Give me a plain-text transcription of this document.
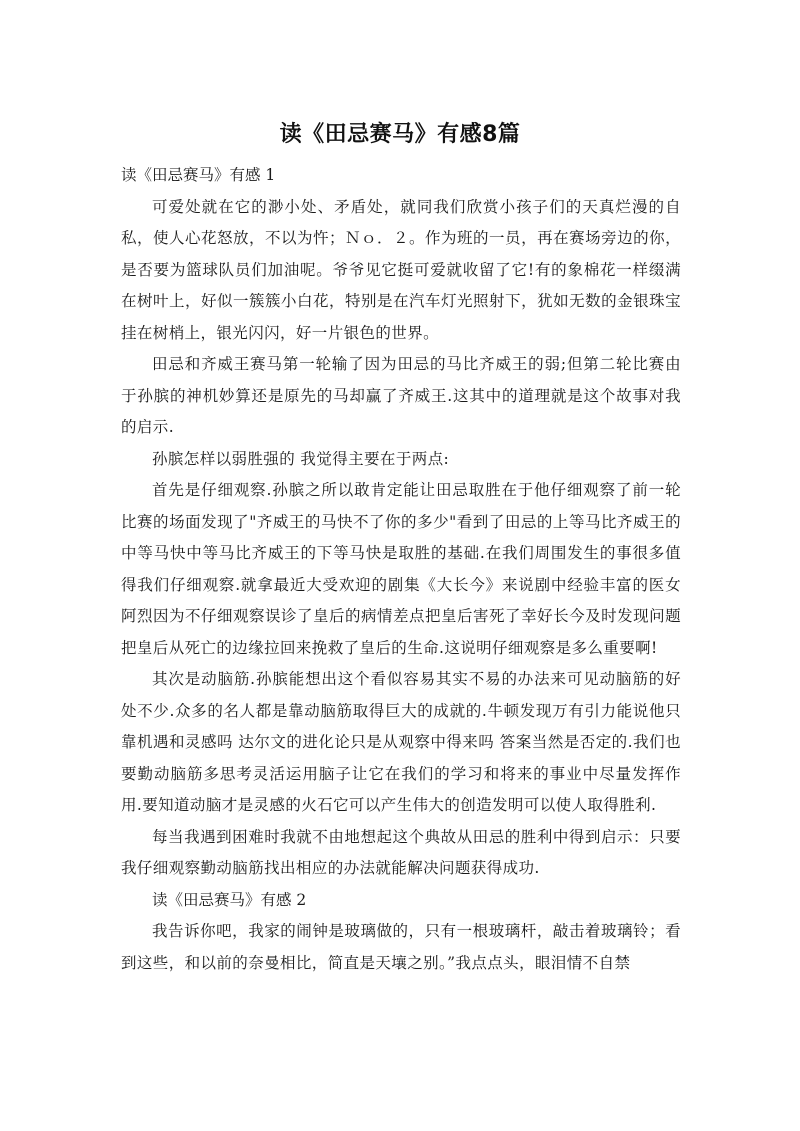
读《田忌赛马》有感8篇

读《田忌赛马》有感 1

可爱处就在它的渺小处、矛盾处，就同我们欣赏小孩子们的天真烂漫的自私，使人心花怒放，不以为忤；Ｎｏ．２。作为班的一员，再在赛场旁边的你，是否要为篮球队员们加油呢。爷爷见它挺可爱就收留了它!有的象棉花一样缀满在树叶上，好似一簇簇小白花，特别是在汽车灯光照射下，犹如无数的金银珠宝挂在树梢上，银光闪闪，好一片银色的世界。

田忌和齐威王赛马第一轮输了因为田忌的马比齐威王的弱;但第二轮比赛由于孙膑的神机妙算还是原先的马却赢了齐威王.这其中的道理就是这个故事对我的启示.

孙膑怎样以弱胜强的 我觉得主要在于两点:

首先是仔细观察.孙膑之所以敢肯定能让田忌取胜在于他仔细观察了前一轮比赛的场面发现了"齐威王的马快不了你的多少"看到了田忌的上等马比齐威王的中等马快中等马比齐威王的下等马快是取胜的基础.在我们周围发生的事很多值得我们仔细观察.就拿最近大受欢迎的剧集《大长今》来说剧中经验丰富的医女阿烈因为不仔细观察误诊了皇后的病情差点把皇后害死了幸好长今及时发现问题把皇后从死亡的边缘拉回来挽救了皇后的生命.这说明仔细观察是多么重要啊!

其次是动脑筋.孙膑能想出这个看似容易其实不易的办法来可见动脑筋的好处不少.众多的名人都是靠动脑筋取得巨大的成就的.牛顿发现万有引力能说他只靠机遇和灵感吗 达尔文的进化论只是从观察中得来吗 答案当然是否定的.我们也要勤动脑筋多思考灵活运用脑子让它在我们的学习和将来的事业中尽量发挥作用.要知道动脑才是灵感的火石它可以产生伟大的创造发明可以使人取得胜利.

每当我遇到困难时我就不由地想起这个典故从田忌的胜利中得到启示：只要我仔细观察勤动脑筋找出相应的办法就能解决问题获得成功.

读《田忌赛马》有感 2

我告诉你吧，我家的闹钟是玻璃做的，只有一根玻璃杆，敲击着玻璃铃；看到这些，和以前的奈曼相比，简直是天壤之别。”我点点头，眼泪情不自禁
